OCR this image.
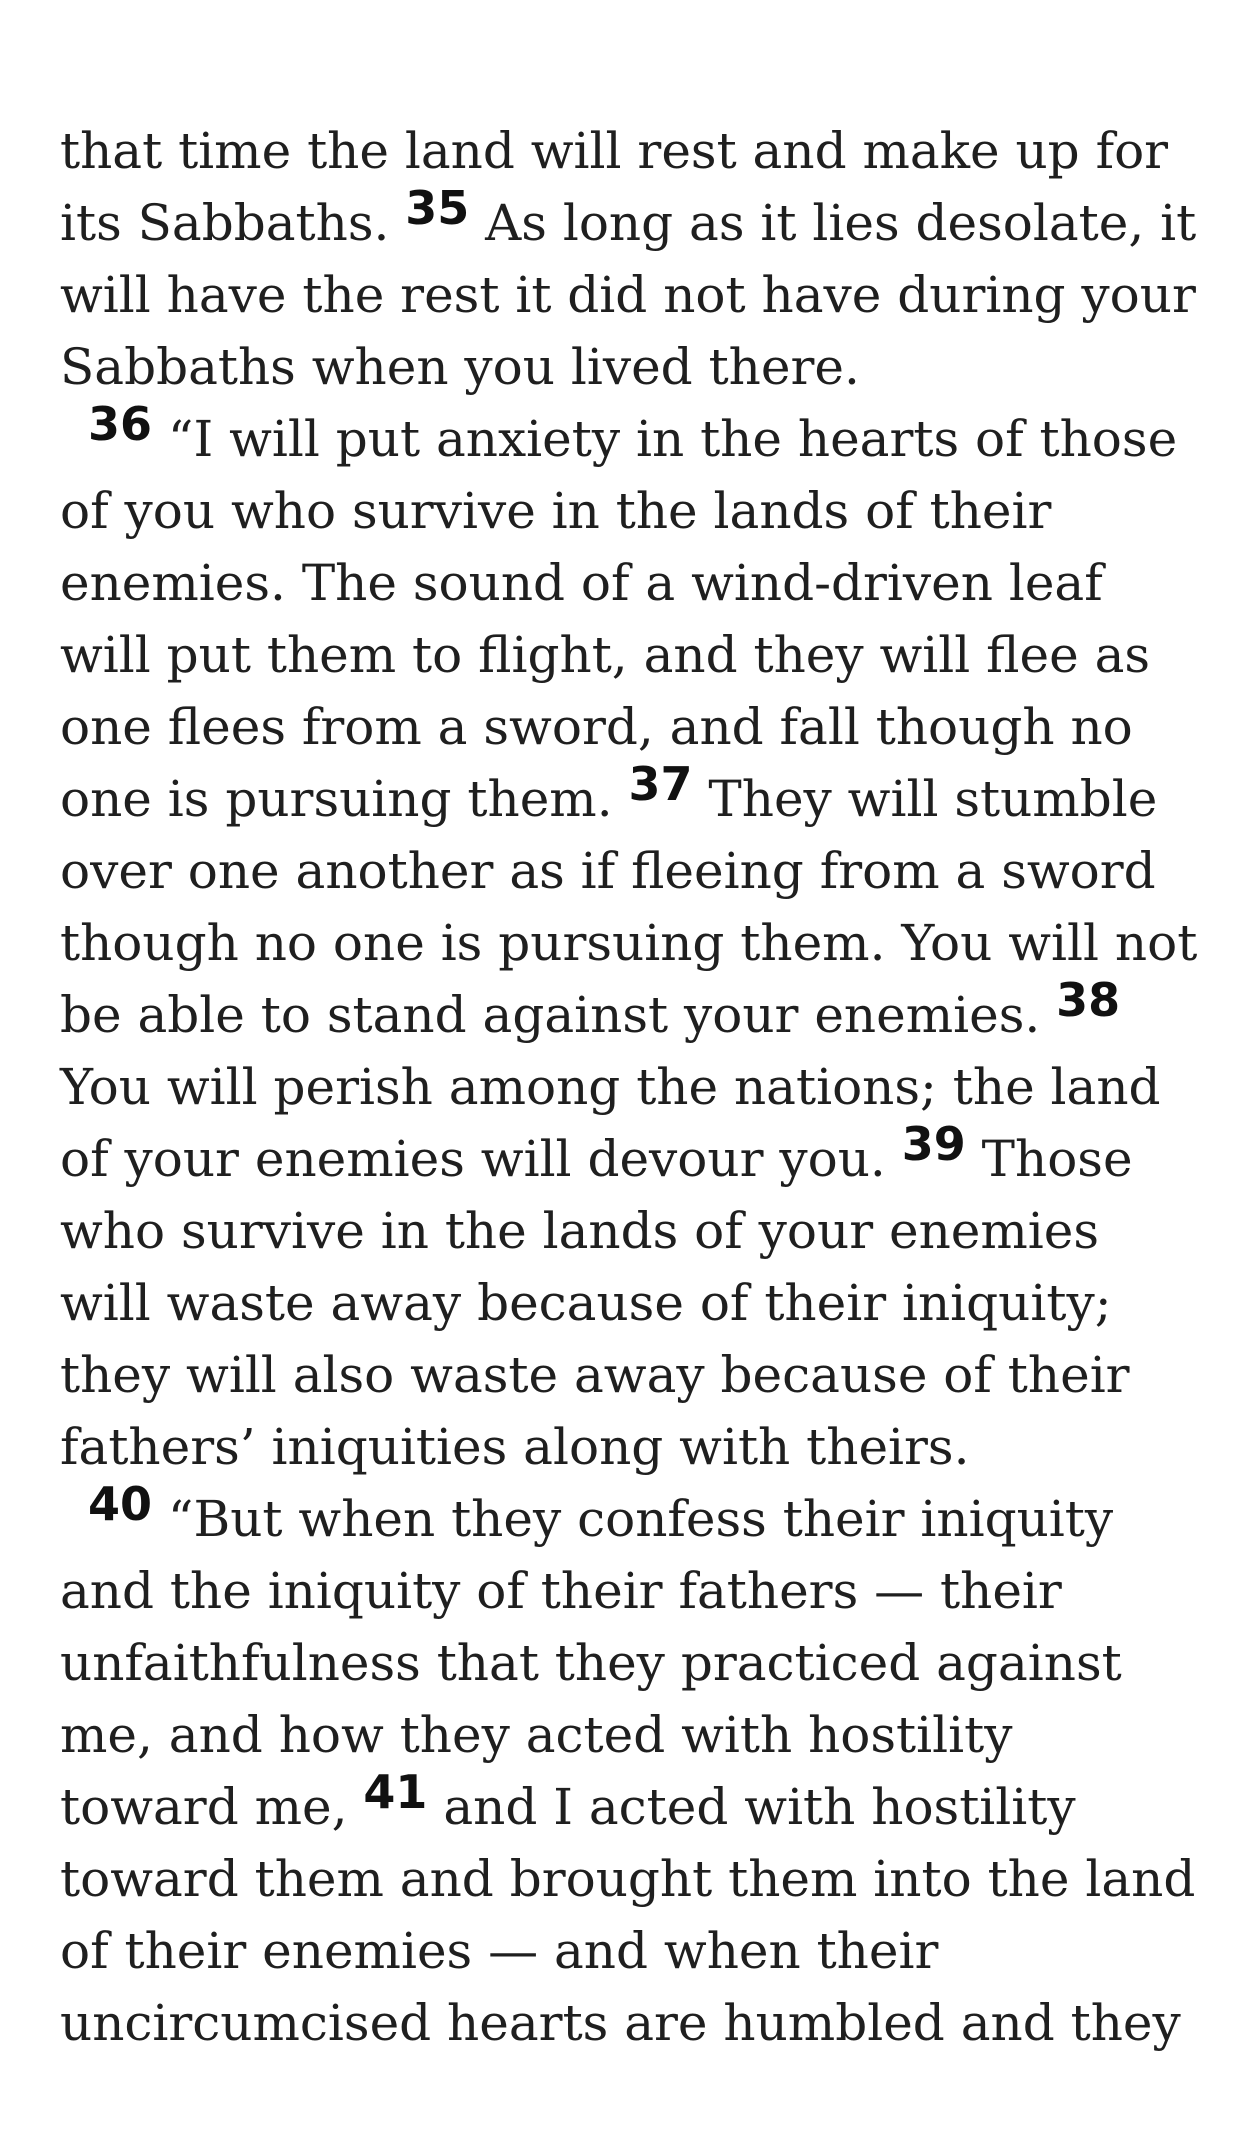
that time the land will rest and make up for its Sabbaths. 35 As long as it lies desolate, it will have the rest it did not have during your Sabbaths when you lived there.

36 “I will put anxiety in the hearts of those of you who survive in the lands of their enemies. The sound of a wind-driven leaf will put them to flight, and they will flee as one flees from a sword, and fall though no one is pursuing them. 37 They will stumble over one another as if fleeing from a sword though no one is pursuing them. You will not be able to stand against your enemies. 38 You will perish among the nations; the land of your enemies will devour you. 39 Those who survive in the lands of your enemies will waste away because of their iniquity; they will also waste away because of their fathers’ iniquities along with theirs.

40 “But when they confess their iniquity and the iniquity of their fathers — their unfaithfulness that they practiced against me, and how they acted with hostility toward me, 41 and I acted with hostility toward them and brought them into the land of their enemies — and when their uncircumcised hearts are humbled and they
